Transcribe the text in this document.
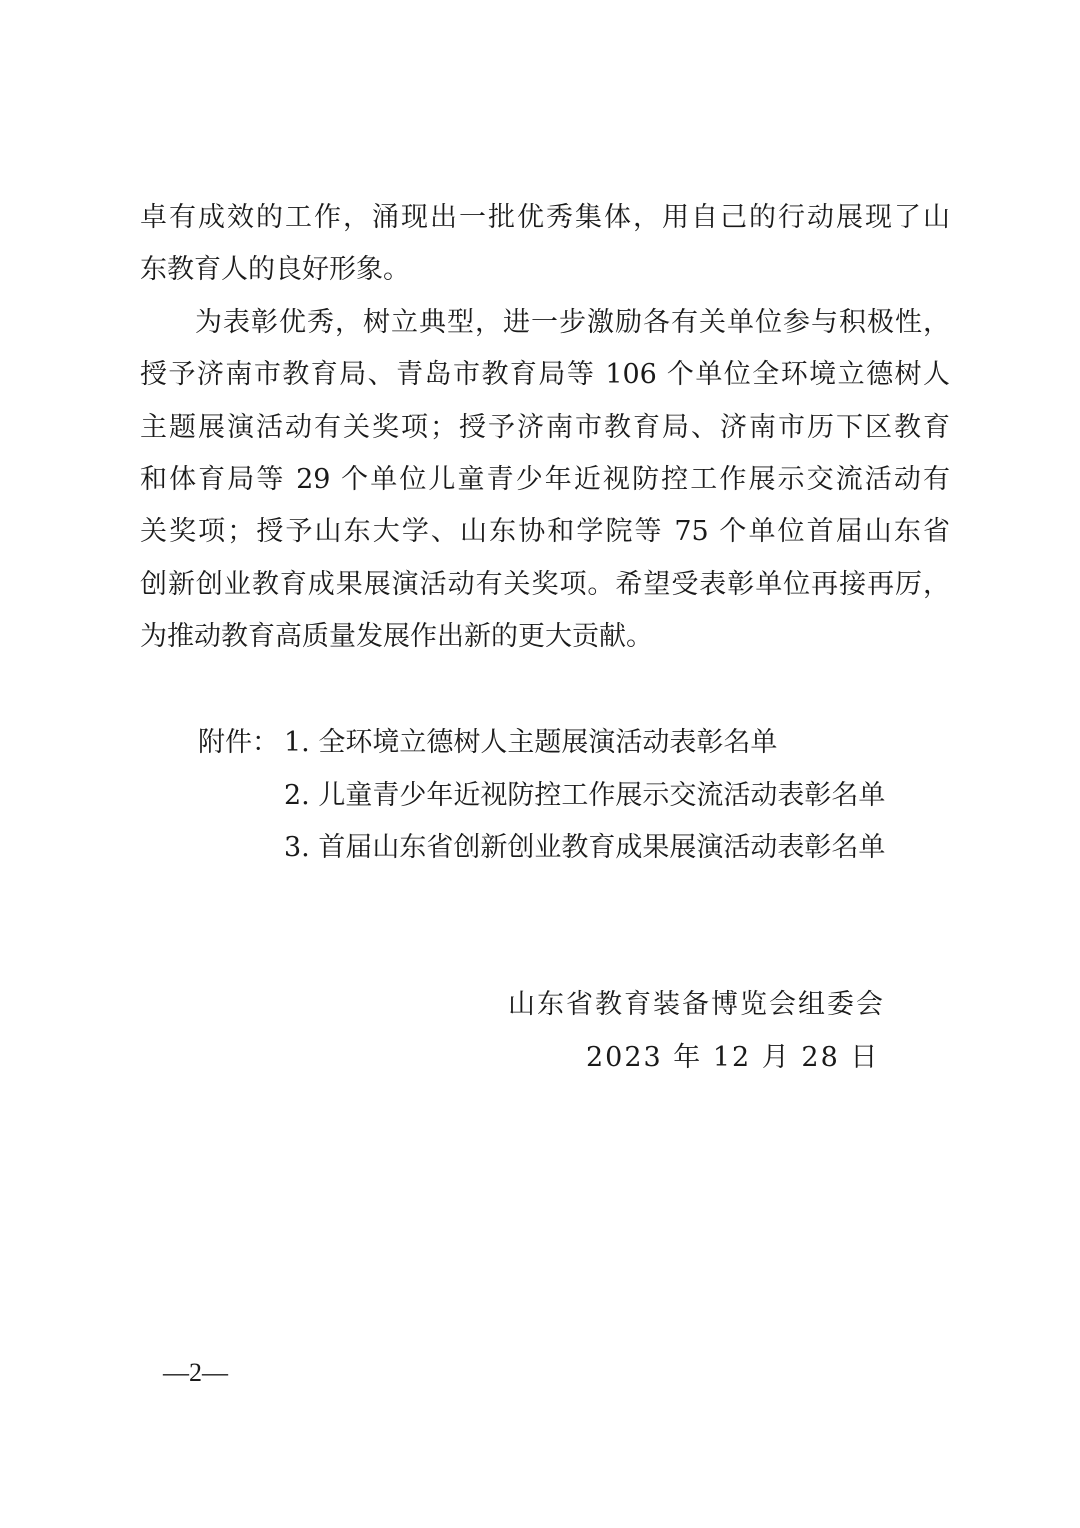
卓有成效的工作，涌现出一批优秀集体，用自己的行动展现了山
东教育人的良好形象。
为表彰优秀，树立典型，进一步激励各有关单位参与积极性，
授予济南市教育局、青岛市教育局等 106 个单位全环境立德树人
主题展演活动有关奖项；授予济南市教育局、济南市历下区教育
和体育局等 29 个单位儿童青少年近视防控工作展示交流活动有
关奖项；授予山东大学、山东协和学院等 75 个单位首届山东省
创新创业教育成果展演活动有关奖项。希望受表彰单位再接再厉，
为推动教育高质量发展作出新的更大贡献。
附件： 1. 全环境立德树人主题展演活动表彰名单
2. 儿童青少年近视防控工作展示交流活动表彰名单
3. 首届山东省创新创业教育成果展演活动表彰名单
山东省教育装备博览会组委会
2023 年 12 月 28 日
—2—
